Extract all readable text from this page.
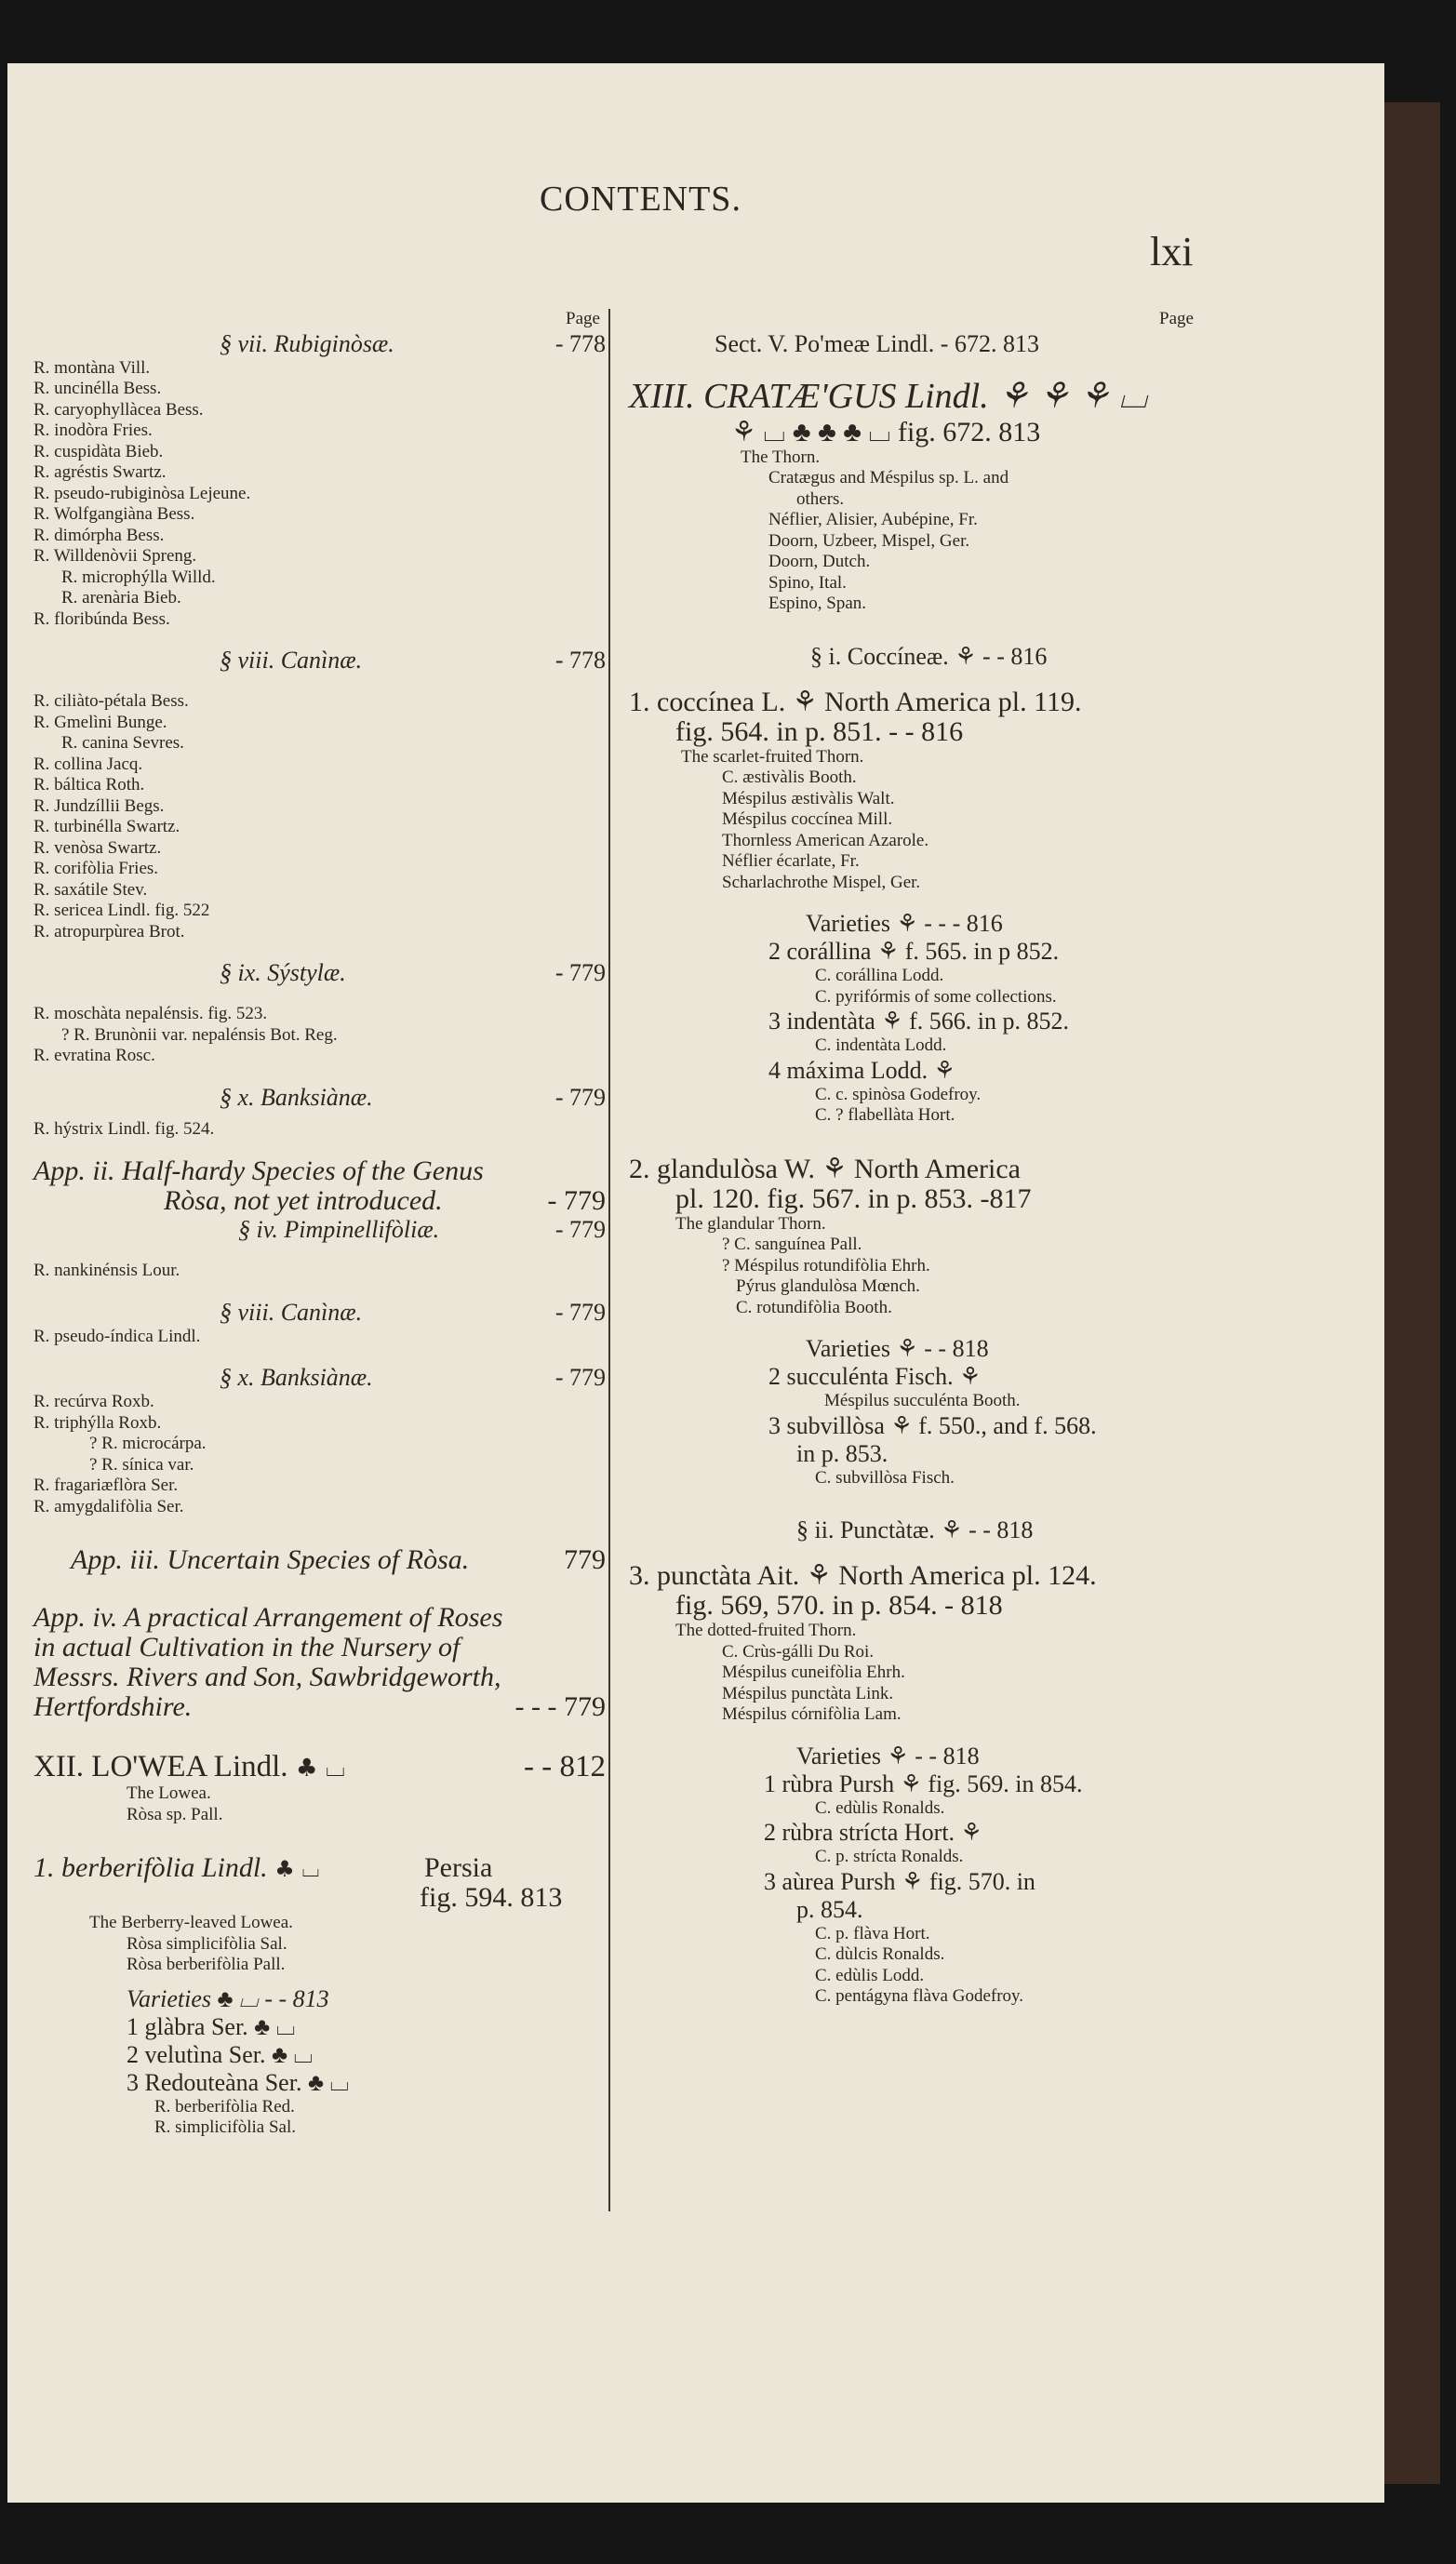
CONTENTS.
lxi
Page
§ vii. Rubiginòsæ.	- 778
R. montàna Vill.
R. uncinélla Bess.
R. caryophyllàcea Bess.
R. inodòra Fries.
R. cuspidàta Bieb.
R. agréstis Swartz.
R. pseudo-rubiginòsa Lejeune.
R. Wolfgangiàna Bess.
R. dimórpha Bess.
R. Willdenòvii Spreng.
R. microphýlla Willd.
R. arenària Bieb.
R. floribúnda Bess.
§ viii. Canìnæ.	- 778
R. ciliàto-pétala Bess.
R. Gmelìni Bunge.
R. canina Sevres.
R. collina Jacq.
R. báltica Roth.
R. Jundzíllii Begs.
R. turbinélla Swartz.
R. venòsa Swartz.
R. corifòlia Fries.
R. saxátile Stev.
R. sericea Lindl. fig. 522
R. atropurpùrea Brot.
§ ix. Sýstylæ.	- 779
R. moschàta nepalénsis. fig. 523.
? R. Brunònii var. nepalénsis Bot. Reg.
R. evratina Rosc.
§ x. Banksiànæ.	- 779
R. hýstrix Lindl. fig. 524.
App. ii. Half-hardy Species of the Genus
Ròsa, not yet introduced.	- 779
§ iv. Pimpinellifòliæ.	- 779
R. nankinénsis Lour.
§ viii. Canìnæ.	- 779
R. pseudo-índica Lindl.
§ x. Banksiànæ.	- 779
R. recúrva Roxb.
R. triphýlla Roxb.
? R. microcárpa.
? R. sínica var.
R. fragariæflòra Ser.
R. amygdalifòlia Ser.
App. iii. Uncertain Species of Ròsa.	779
App. iv. A practical Arrangement of Roses
in actual Cultivation in the Nursery of
Messrs. Rivers and Son, Sawbridgeworth,
Hertfordshire.	- - - 779
XII. LO'WEA Lindl. ♣ ⌴	- - 812
The Lowea.
Ròsa sp. Pall.
1. berberifòlia Lindl. ♣ ⌴	Persia
fig. 594. 813
The Berberry-leaved Lowea.
Ròsa simplicifòlia Sal.
Ròsa berberifòlia Pall.
Varieties ♣ ⌴ - - 813
1 glàbra Ser. ♣ ⌴
2 velutìna Ser. ♣ ⌴
3 Redouteàna Ser. ♣ ⌴
R. berberifòlia Red.
R. simplicifòlia Sal.
Page
Sect. V. Po'meæ Lindl. - 672. 813
XIII. CRATÆ'GUS Lindl. ⚘ ⚘ ⚘ ⌴
⚘ ⌴ ♣ ♣ ♣ ⌴ fig. 672. 813
The Thorn.
Cratægus and Méspilus sp. L. and
others.
Néflier, Alisier, Aubépine, Fr.
Doorn, Uzbeer, Mispel, Ger.
Doorn, Dutch.
Spino, Ital.
Espino, Span.
§ i. Coccíneæ. ⚘ - - 816
1. coccínea L. ⚘ North America pl. 119.
fig. 564. in p. 851. - - 816
The scarlet-fruited Thorn.
C. æstivàlis Booth.
Méspilus æstivàlis Walt.
Méspilus coccínea Mill.
Thornless American Azarole.
Néflier écarlate, Fr.
Scharlachrothe Mispel, Ger.
Varieties ⚘ - - - 816
2 corállina ⚘ f. 565. in p 852.
C. corállina Lodd.
C. pyrifórmis of some collections.
3 indentàta ⚘ f. 566. in p. 852.
C. indentàta Lodd.
4 máxima Lodd. ⚘
C. c. spinòsa Godefroy.
C. ? flabellàta Hort.
2. glandulòsa W. ⚘ North America
pl. 120. fig. 567. in p. 853. -817
The glandular Thorn.
? C. sanguínea Pall.
? Méspilus rotundifòlia Ehrh.
Pýrus glandulòsa Mœnch.
C. rotundifòlia Booth.
Varieties ⚘ - - 818
2 succulénta Fisch. ⚘
Méspilus succulénta Booth.
3 subvillòsa ⚘ f. 550., and f. 568.
in p. 853.
C. subvillòsa Fisch.
§ ii. Punctàtæ. ⚘ - - 818
3. punctàta Ait. ⚘ North America pl. 124.
fig. 569, 570. in p. 854. - 818
The dotted-fruited Thorn.
C. Crùs-gálli Du Roi.
Méspilus cuneifòlia Ehrh.
Méspilus punctàta Link.
Méspilus córnifòlia Lam.
Varieties ⚘ - - 818
1 rùbra Pursh ⚘ fig. 569. in 854.
C. edùlis Ronalds.
2 rùbra strícta Hort. ⚘
C. p. strícta Ronalds.
3 aùrea Pursh ⚘ fig. 570. in
p. 854.
C. p. flàva Hort.
C. dùlcis Ronalds.
C. edùlis Lodd.
C. pentágyna flàva Godefroy.
